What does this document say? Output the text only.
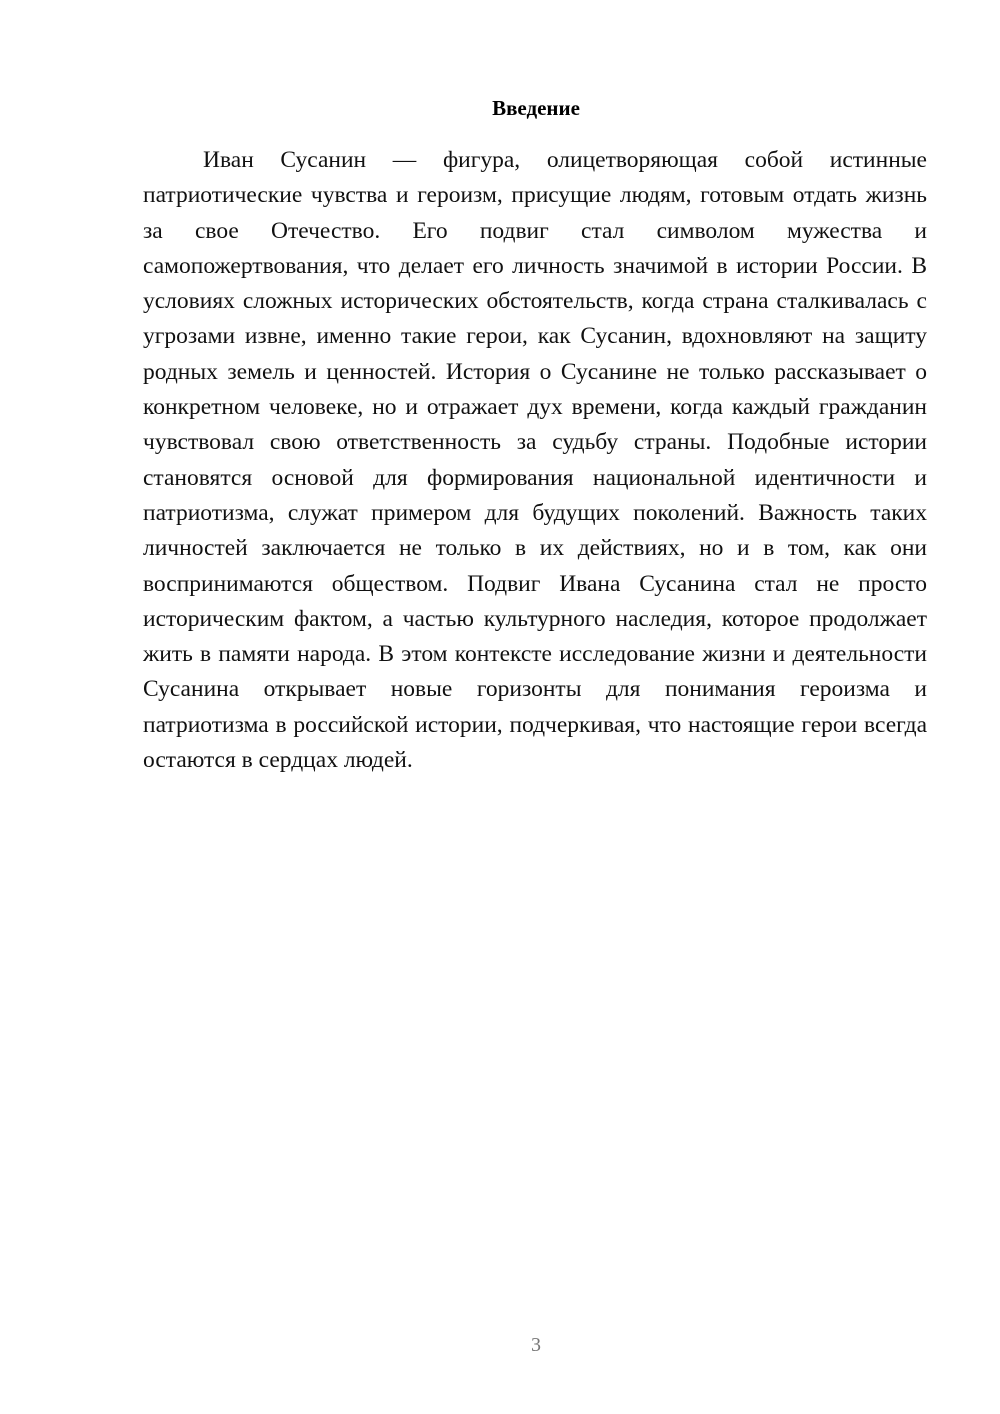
Введение

Иван Сусанин — фигура, олицетворяющая собой истинные патриотические чувства и героизм, присущие людям, готовым отдать жизнь за свое Отечество. Его подвиг стал символом мужества и самопожертвования, что делает его личность значимой в истории России. В условиях сложных исторических обстоятельств, когда страна сталкивалась с угрозами извне, именно такие герои, как Сусанин, вдохновляют на защиту родных земель и ценностей. История о Сусанине не только рассказывает о конкретном человеке, но и отражает дух времени, когда каждый гражданин чувствовал свою ответственность за судьбу страны. Подобные истории становятся основой для формирования национальной идентичности и патриотизма, служат примером для будущих поколений. Важность таких личностей заключается не только в их действиях, но и в том, как они воспринимаются обществом. Подвиг Ивана Сусанина стал не просто историческим фактом, а частью культурного наследия, которое продолжает жить в памяти народа. В этом контексте исследование жизни и деятельности Сусанина открывает новые горизонты для понимания героизма и патриотизма в российской истории, подчеркивая, что настоящие герои всегда остаются в сердцах людей.

3
